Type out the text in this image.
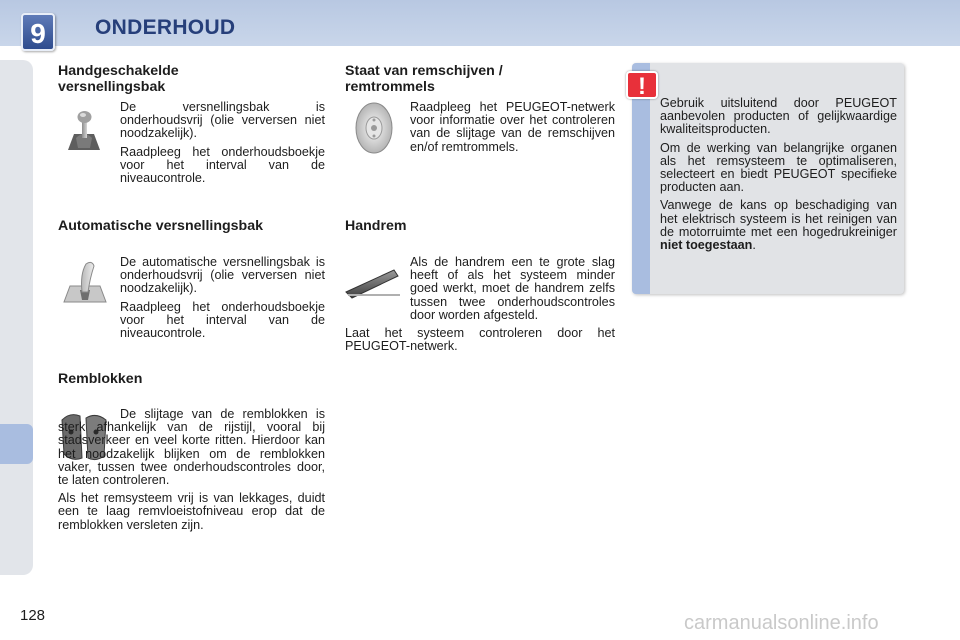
9	ONDERHOUD
Handgeschakelde versnellingsbak

De versnellingsbak is onderhoudsvrij (olie verversen niet noodzakelijk).

Raadpleeg het onderhoudsboekje voor het interval van de niveaucontrole.

Automatische versnellingsbak

De automatische versnellingsbak is onderhoudsvrij (olie verversen niet noodzakelijk).

Raadpleeg het onderhoudsboekje voor het interval van de niveaucontrole.

Remblokken

De slijtage van de remblokken is sterk afhankelijk van de rijstijl, vooral bij stadsverkeer en veel korte ritten. Hierdoor kan het noodzakelijk blijken om de remblokken vaker, tussen twee onderhoudscontroles door, te laten controleren.

Als het remsysteem vrij is van lekkages, duidt een te laag remvloeistofniveau erop dat de remblokken versleten zijn.

Staat van remschijven / remtrommels

Raadpleeg het PEUGEOT-netwerk voor informatie over het controleren van de slijtage van de remschijven en/of remtrommels.

Handrem

Als de handrem een te grote slag heeft of als het systeem minder goed werkt, moet de handrem zelfs tussen twee onderhoudscontroles door worden afgesteld.

Laat het systeem controleren door het PEUGEOT-netwerk.

!

Gebruik uitsluitend door PEUGEOT aanbevolen producten of gelijkwaardige kwaliteitsproducten.

Om de werking van belangrijke organen als het remsysteem te optimaliseren, selecteert en biedt PEUGEOT specifieke producten aan.

Vanwege de kans op beschadiging van het elektrisch systeem is het reinigen van de motorruimte met een hogedrukreiniger niet toegestaan.

128	carmanualsonline.info
